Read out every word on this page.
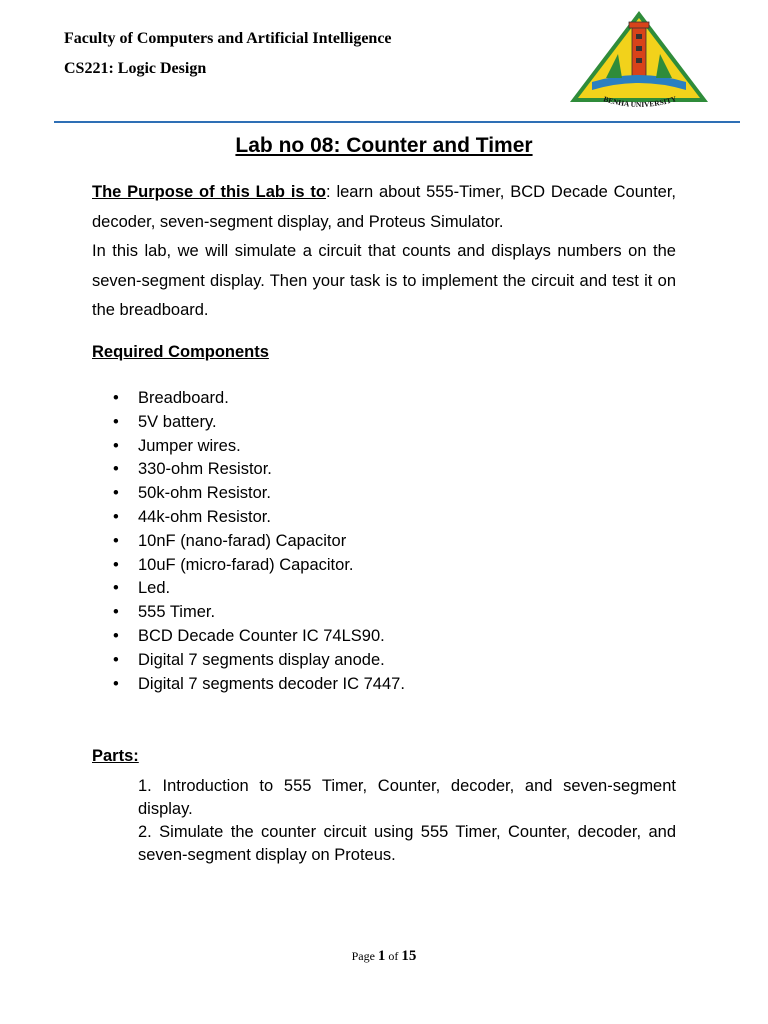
Faculty of Computers and Artificial Intelligence
CS221: Logic Design
BENHA UNIVERSITY
Lab no 08: Counter and Timer

The Purpose of this Lab is to: learn about 555-Timer, BCD Decade Counter, decoder, seven-segment display, and Proteus Simulator.

In this lab, we will simulate a circuit that counts and displays numbers on the seven-segment display. Then your task is to implement the circuit and test it on the breadboard.

Required Components
• Breadboard.
• 5V battery.
• Jumper wires.
• 330-ohm Resistor.
• 50k-ohm Resistor.
• 44k-ohm Resistor.
• 10nF (nano-farad) Capacitor
• 10uF (micro-farad) Capacitor.
• Led.
• 555 Timer.
• BCD Decade Counter IC 74LS90.
• Digital 7 segments display anode.
• Digital 7 segments decoder IC 7447.
Parts:

1. Introduction to 555 Timer, Counter, decoder, and seven-segment display.

2. Simulate the counter circuit using 555 Timer, Counter, decoder, and seven-segment display on Proteus.

Page 1 of 15
